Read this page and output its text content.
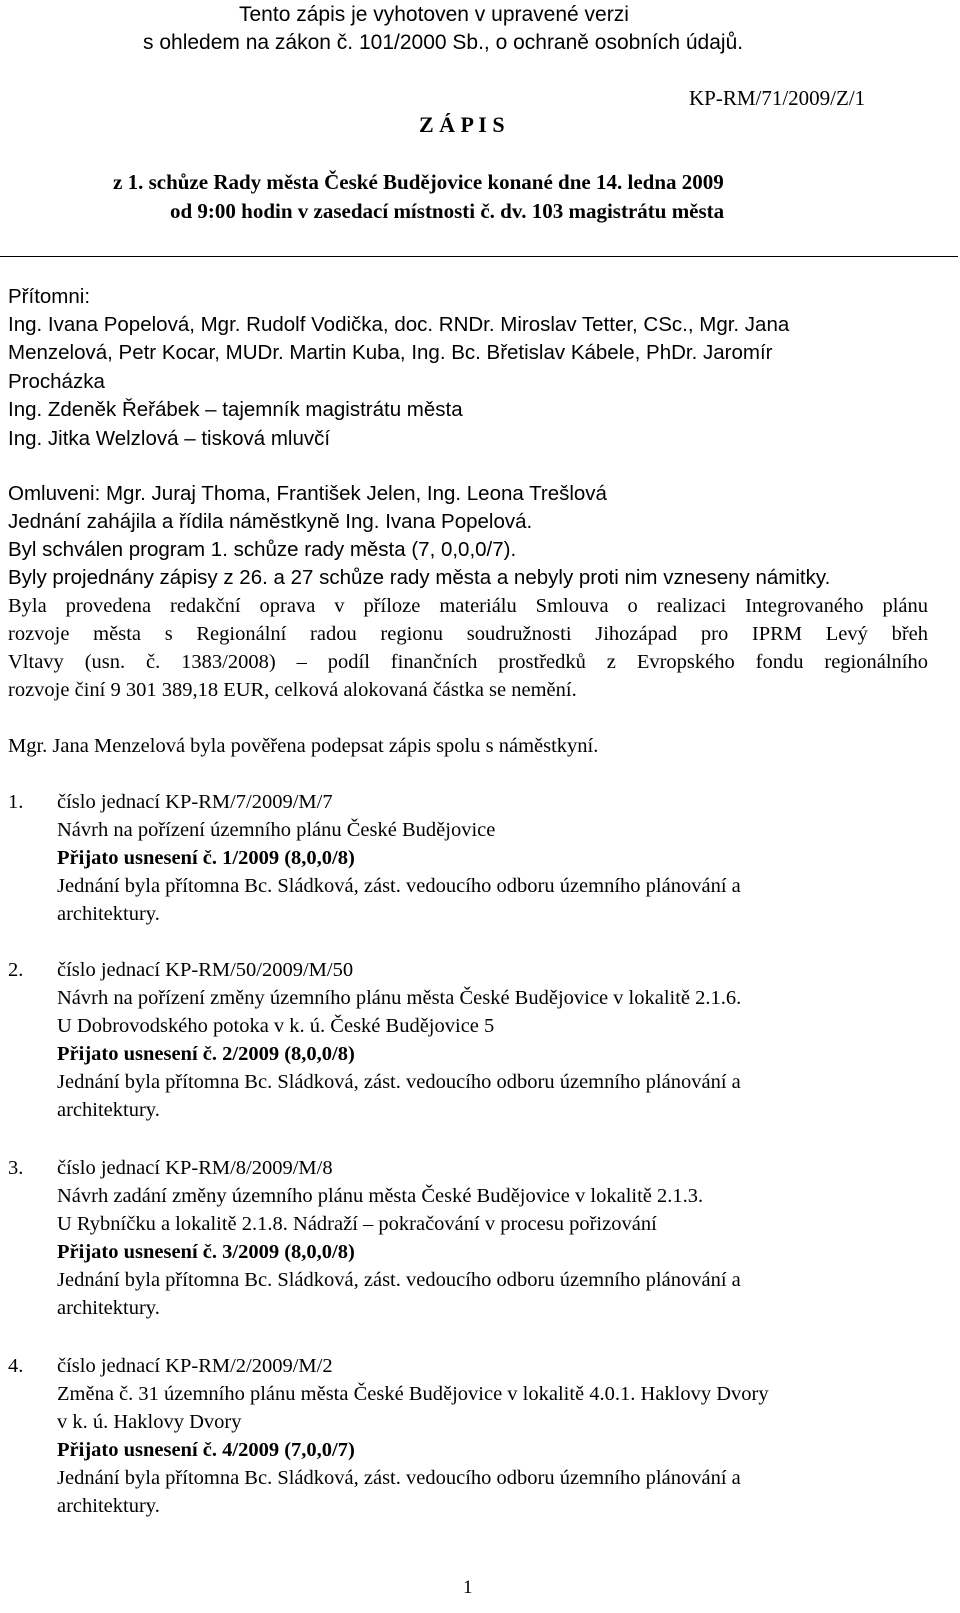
Tento zápis je vyhotoven v upravené verzi
s ohledem na zákon č. 101/2000 Sb., o ochraně osobních údajů.
KP-RM/71/2009/Z/1
Z Á P I S
z 1. schůze Rady města České Budějovice konané dne 14. ledna 2009
od 9:00 hodin v zasedací místnosti č. dv. 103 magistrátu města
Přítomni:
Ing. Ivana Popelová, Mgr. Rudolf Vodička, doc. RNDr. Miroslav Tetter, CSc., Mgr. Jana
Menzelová, Petr Kocar, MUDr. Martin Kuba, Ing. Bc. Břetislav Kábele, PhDr. Jaromír
Procházka
Ing. Zdeněk Řeřábek – tajemník magistrátu města
Ing. Jitka Welzlová – tisková mluvčí
Omluveni: Mgr. Juraj Thoma, František Jelen, Ing. Leona Trešlová
Jednání zahájila a řídila náměstkyně Ing. Ivana Popelová.
Byl schválen program 1. schůze rady města (7, 0,0,0/7).
Byly projednány zápisy z 26. a 27 schůze rady města a nebyly proti nim vzneseny námitky.
Byla provedena redakční oprava v příloze materiálu Smlouva o realizaci Integrovaného plánu
rozvoje města s Regionální radou regionu soudružnosti Jihozápad pro IPRM Levý břeh
Vltavy (usn. č. 1383/2008) – podíl finančních prostředků z Evropského fondu regionálního
rozvoje činí 9 301 389,18 EUR, celková alokovaná částka se nemění.
Mgr. Jana Menzelová byla pověřena podepsat zápis spolu s náměstkyní.
1. číslo jednací KP-RM/7/2009/M/7
Návrh na pořízení územního plánu České Budějovice
Přijato usnesení č. 1/2009 (8,0,0/8)
Jednání byla přítomna Bc. Sládková, zást. vedoucího odboru územního plánování a
architektury.
2. číslo jednací KP-RM/50/2009/M/50
Návrh na pořízení změny územního plánu města České Budějovice v lokalitě 2.1.6.
U Dobrovodského potoka v k. ú. České Budějovice 5
Přijato usnesení č. 2/2009 (8,0,0/8)
Jednání byla přítomna Bc. Sládková, zást. vedoucího odboru územního plánování a
architektury.
3. číslo jednací KP-RM/8/2009/M/8
Návrh zadání změny územního plánu města České Budějovice v lokalitě 2.1.3.
U Rybníčku a lokalitě 2.1.8. Nádraží – pokračování v procesu pořizování
Přijato usnesení č. 3/2009 (8,0,0/8)
Jednání byla přítomna Bc. Sládková, zást. vedoucího odboru územního plánování a
architektury.
4. číslo jednací KP-RM/2/2009/M/2
Změna č. 31 územního plánu města České Budějovice v lokalitě 4.0.1. Haklovy Dvory
v k. ú. Haklovy Dvory
Přijato usnesení č. 4/2009 (7,0,0/7)
Jednání byla přítomna Bc. Sládková, zást. vedoucího odboru územního plánování a
architektury.
1
